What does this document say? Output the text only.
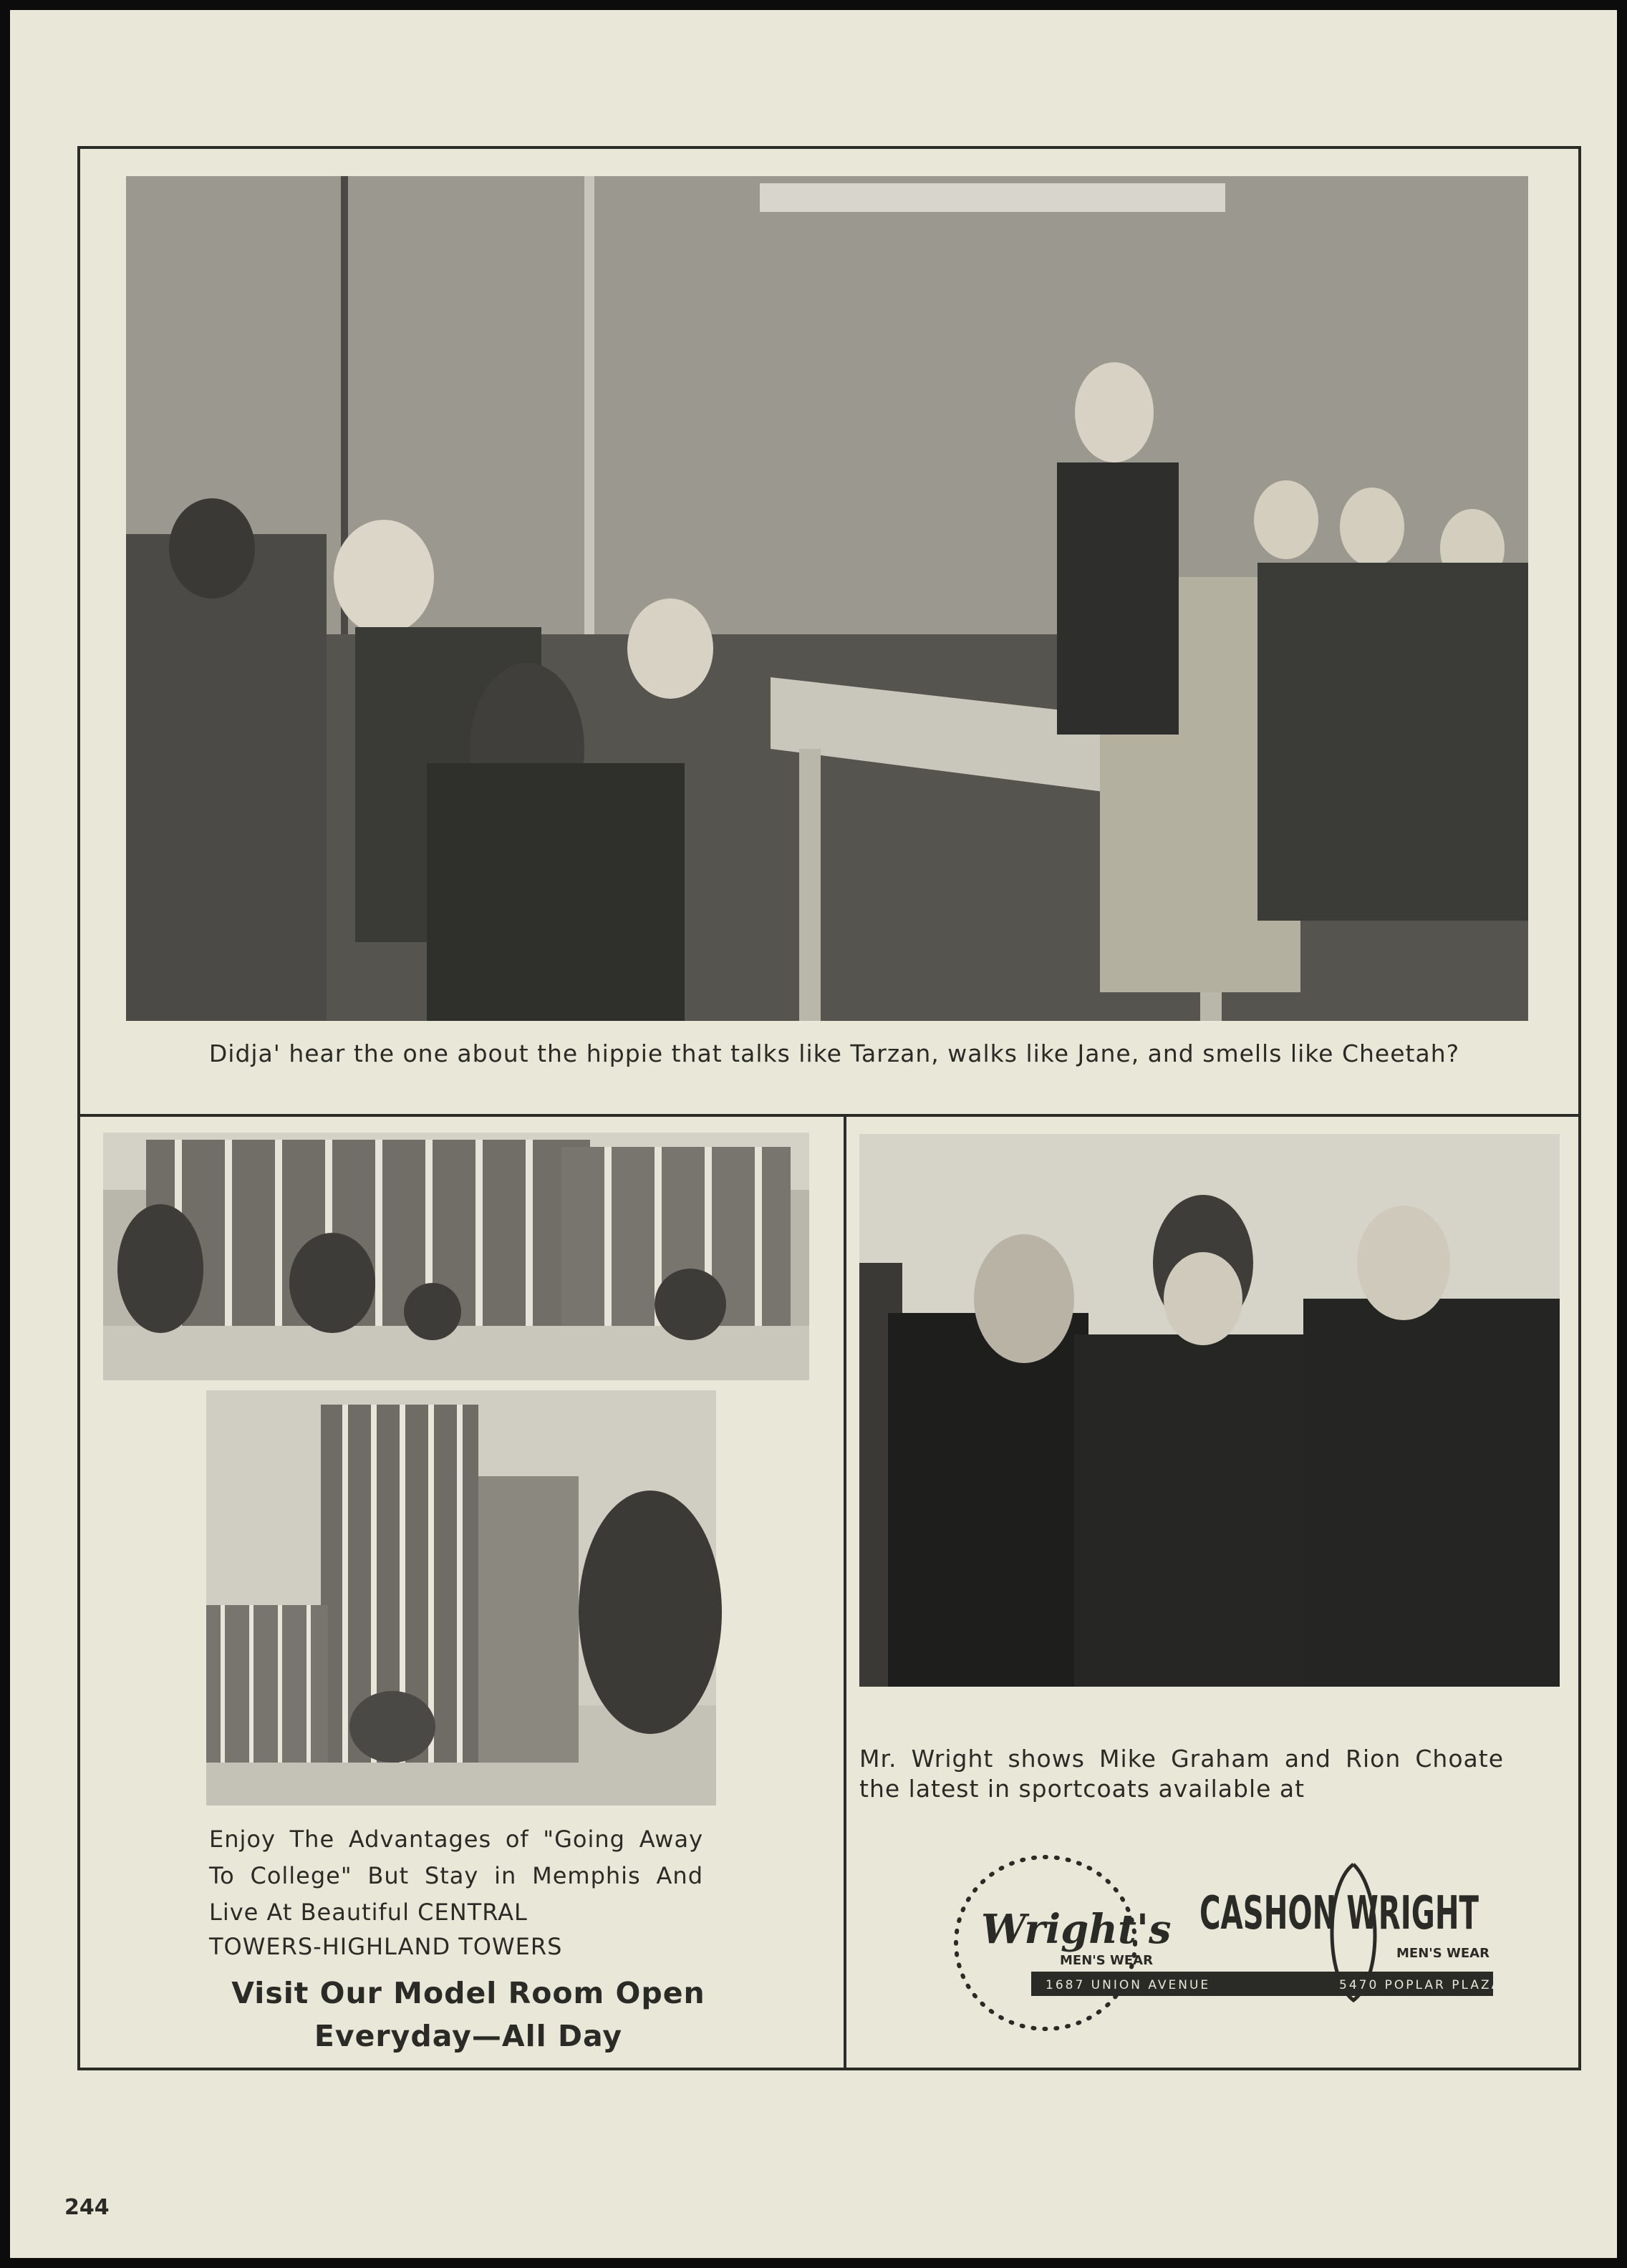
Didja' hear the one about the hippie that talks like Tarzan, walks like Jane, and smells like Cheetah?
Enjoy The Advantages of "Going Away To College" But Stay in Memphis And Live At Beautiful CENTRAL
TOWERS-HIGHLAND TOWERS
Visit Our Model Room Open
Everyday—All Day
Mr. Wright shows Mike Graham and Rion Choate the latest in sportcoats available at
Wright's
MEN'S WEAR
CASHON WRIGHT
MEN'S WEAR
1687 UNION AVENUE	5470 POPLAR PLAZA
244
